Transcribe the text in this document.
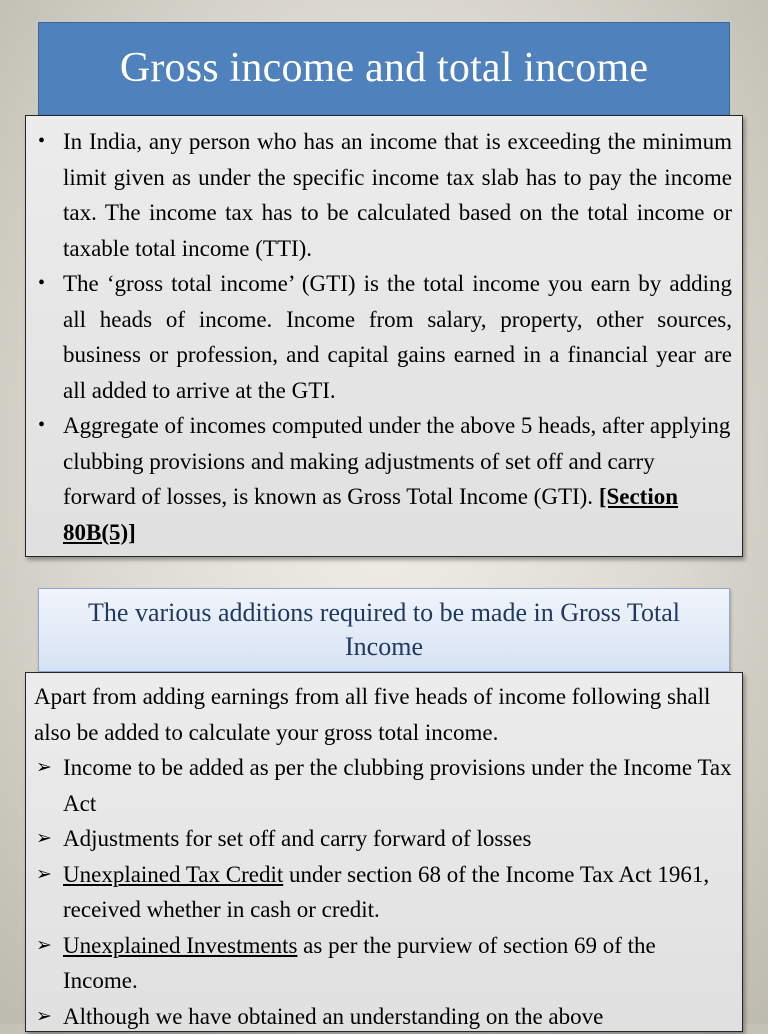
Gross income and total income
• In India, any person who has an income that is exceeding the minimum limit given as under the specific income tax slab has to pay the income tax. The income tax has to be calculated based on the total income or taxable total income (TTI).
• The ‘gross total income’ (GTI) is the total income you earn by adding all heads of income. Income from salary, property, other sources, business or profession, and capital gains earned in a financial year are all added to arrive at the GTI.
• Aggregate of incomes computed under the above 5 heads, after applying clubbing provisions and making adjustments of set off and carry forward of losses, is known as Gross Total Income (GTI). [Section 80B(5)]
The various additions required to be made in Gross Total Income

Apart from adding earnings from all five heads of income following shall also be added to calculate your gross total income.

➢ Income to be added as per the clubbing provisions under the Income Tax Act
➢ Adjustments for set off and carry forward of losses
➢ Unexplained Tax Credit under section 68 of the Income Tax Act 1961, received whether in cash or credit.
➢ Unexplained Investments as per the purview of section 69 of the Income.
➢ Although we have obtained an understanding on the above
